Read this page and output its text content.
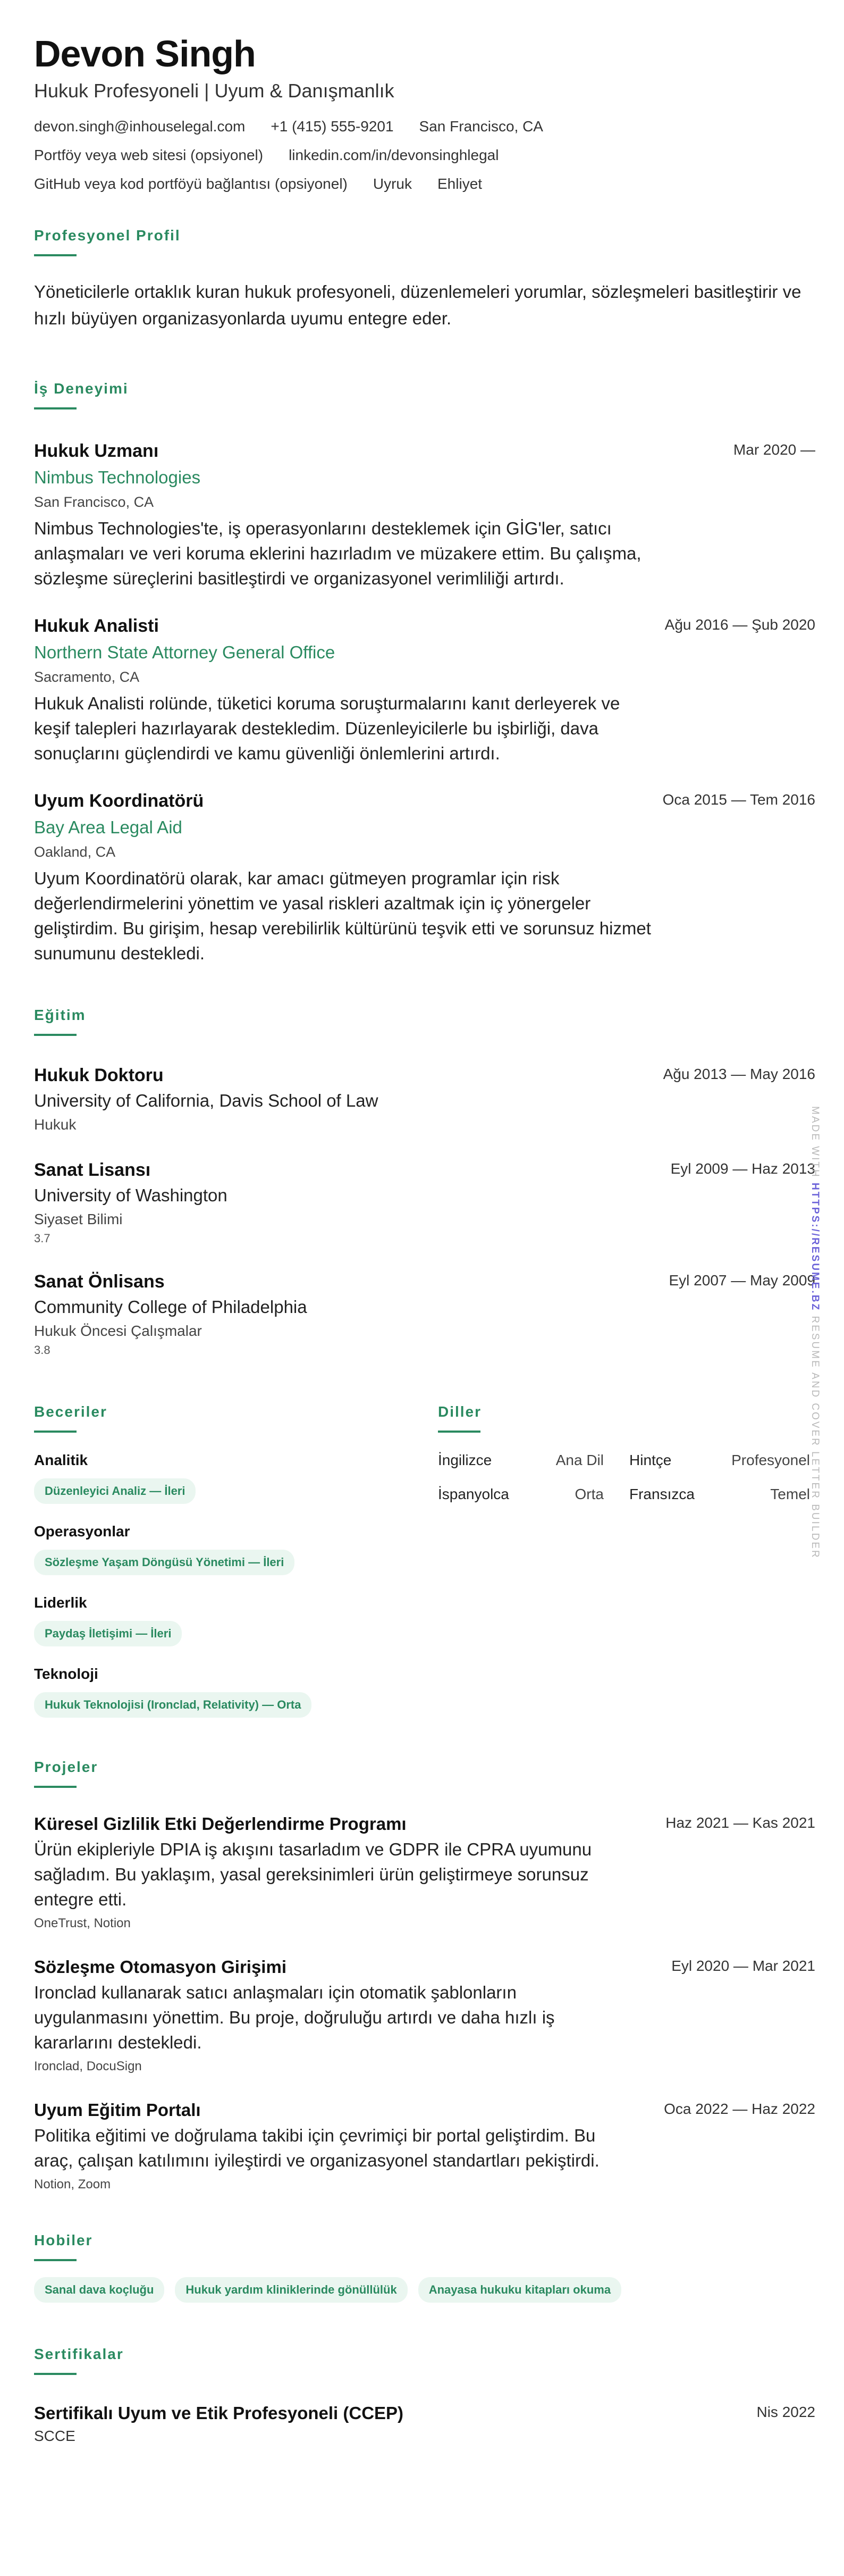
Devon Singh
Hukuk Profesyoneli | Uyum & Danışmanlık
devon.singh@inhouselegal.com +1 (415) 555-9201 San Francisco, CA
Portföy veya web sitesi (opsiyonel) linkedin.com/in/devonsinghlegal
GitHub veya kod portföyü bağlantısı (opsiyonel) Uyruk Ehliyet
Profesyonel Profil
Yöneticilerle ortaklık kuran hukuk profesyoneli, düzenlemeleri yorumlar, sözleşmeleri basitleştirir ve hızlı büyüyen organizasyonlarda uyumu entegre eder.
İş Deneyimi
Hukuk Uzmanı	Mar 2020 —
Nimbus Technologies
San Francisco, CA
Nimbus Technologies'te, iş operasyonlarını desteklemek için GİG'ler, satıcı anlaşmaları ve veri koruma eklerini hazırladım ve müzakere ettim. Bu çalışma, sözleşme süreçlerini basitleştirdi ve organizasyonel verimliliği artırdı.
Hukuk Analisti	Ağu 2016 — Şub 2020
Northern State Attorney General Office
Sacramento, CA
Hukuk Analisti rolünde, tüketici koruma soruşturmalarını kanıt derleyerek ve keşif talepleri hazırlayarak destekledim. Düzenleyicilerle bu işbirliği, dava sonuçlarını güçlendirdi ve kamu güvenliği önlemlerini artırdı.
Uyum Koordinatörü	Oca 2015 — Tem 2016
Bay Area Legal Aid
Oakland, CA
Uyum Koordinatörü olarak, kar amacı gütmeyen programlar için risk değerlendirmelerini yönettim ve yasal riskleri azaltmak için iç yönergeler geliştirdim. Bu girişim, hesap verebilirlik kültürünü teşvik etti ve sorunsuz hizmet sunumunu destekledi.
Eğitim
Hukuk Doktoru	Ağu 2013 — May 2016
University of California, Davis School of Law
Hukuk
Sanat Lisansı	Eyl 2009 — Haz 2013
University of Washington
Siyaset Bilimi
3.7
Sanat Önlisans	Eyl 2007 — May 2009
Community College of Philadelphia
Hukuk Öncesi Çalışmalar
3.8
Beceriler
Analitik
Düzenleyici Analiz — İleri
Operasyonlar
Sözleşme Yaşam Döngüsü Yönetimi — İleri
Liderlik
Paydaş İletişimi — İleri
Teknoloji
Hukuk Teknolojisi (Ironclad, Relativity) — Orta
Diller
İngilizce	Ana Dil Hintçe	Profesyonel
İspanyolca	Orta Fransızca	Temel
Projeler
Küresel Gizlilik Etki Değerlendirme Programı	Haz 2021 — Kas 2021
Ürün ekipleriyle DPIA iş akışını tasarladım ve GDPR ile CPRA uyumunu sağladım. Bu yaklaşım, yasal gereksinimleri ürün geliştirmeye sorunsuz entegre etti.
OneTrust, Notion
Sözleşme Otomasyon Girişimi	Eyl 2020 — Mar 2021
Ironclad kullanarak satıcı anlaşmaları için otomatik şablonların uygulanmasını yönettim. Bu proje, doğruluğu artırdı ve daha hızlı iş kararlarını destekledi.
Ironclad, DocuSign
Uyum Eğitim Portalı	Oca 2022 — Haz 2022
Politika eğitimi ve doğrulama takibi için çevrimiçi bir portal geliştirdim. Bu araç, çalışan katılımını iyileştirdi ve organizasyonel standartları pekiştirdi.
Notion, Zoom
Hobiler
Sanal dava koçluğu	Hukuk yardım kliniklerinde gönüllülük	Anayasa hukuku kitapları okuma
Sertifikalar
Sertifikalı Uyum ve Etik Profesyoneli (CCEP)	Nis 2022
SCCE
MADE WITH HTTPS://RESUME.BZ RESUME AND COVER LETTER BUILDER
